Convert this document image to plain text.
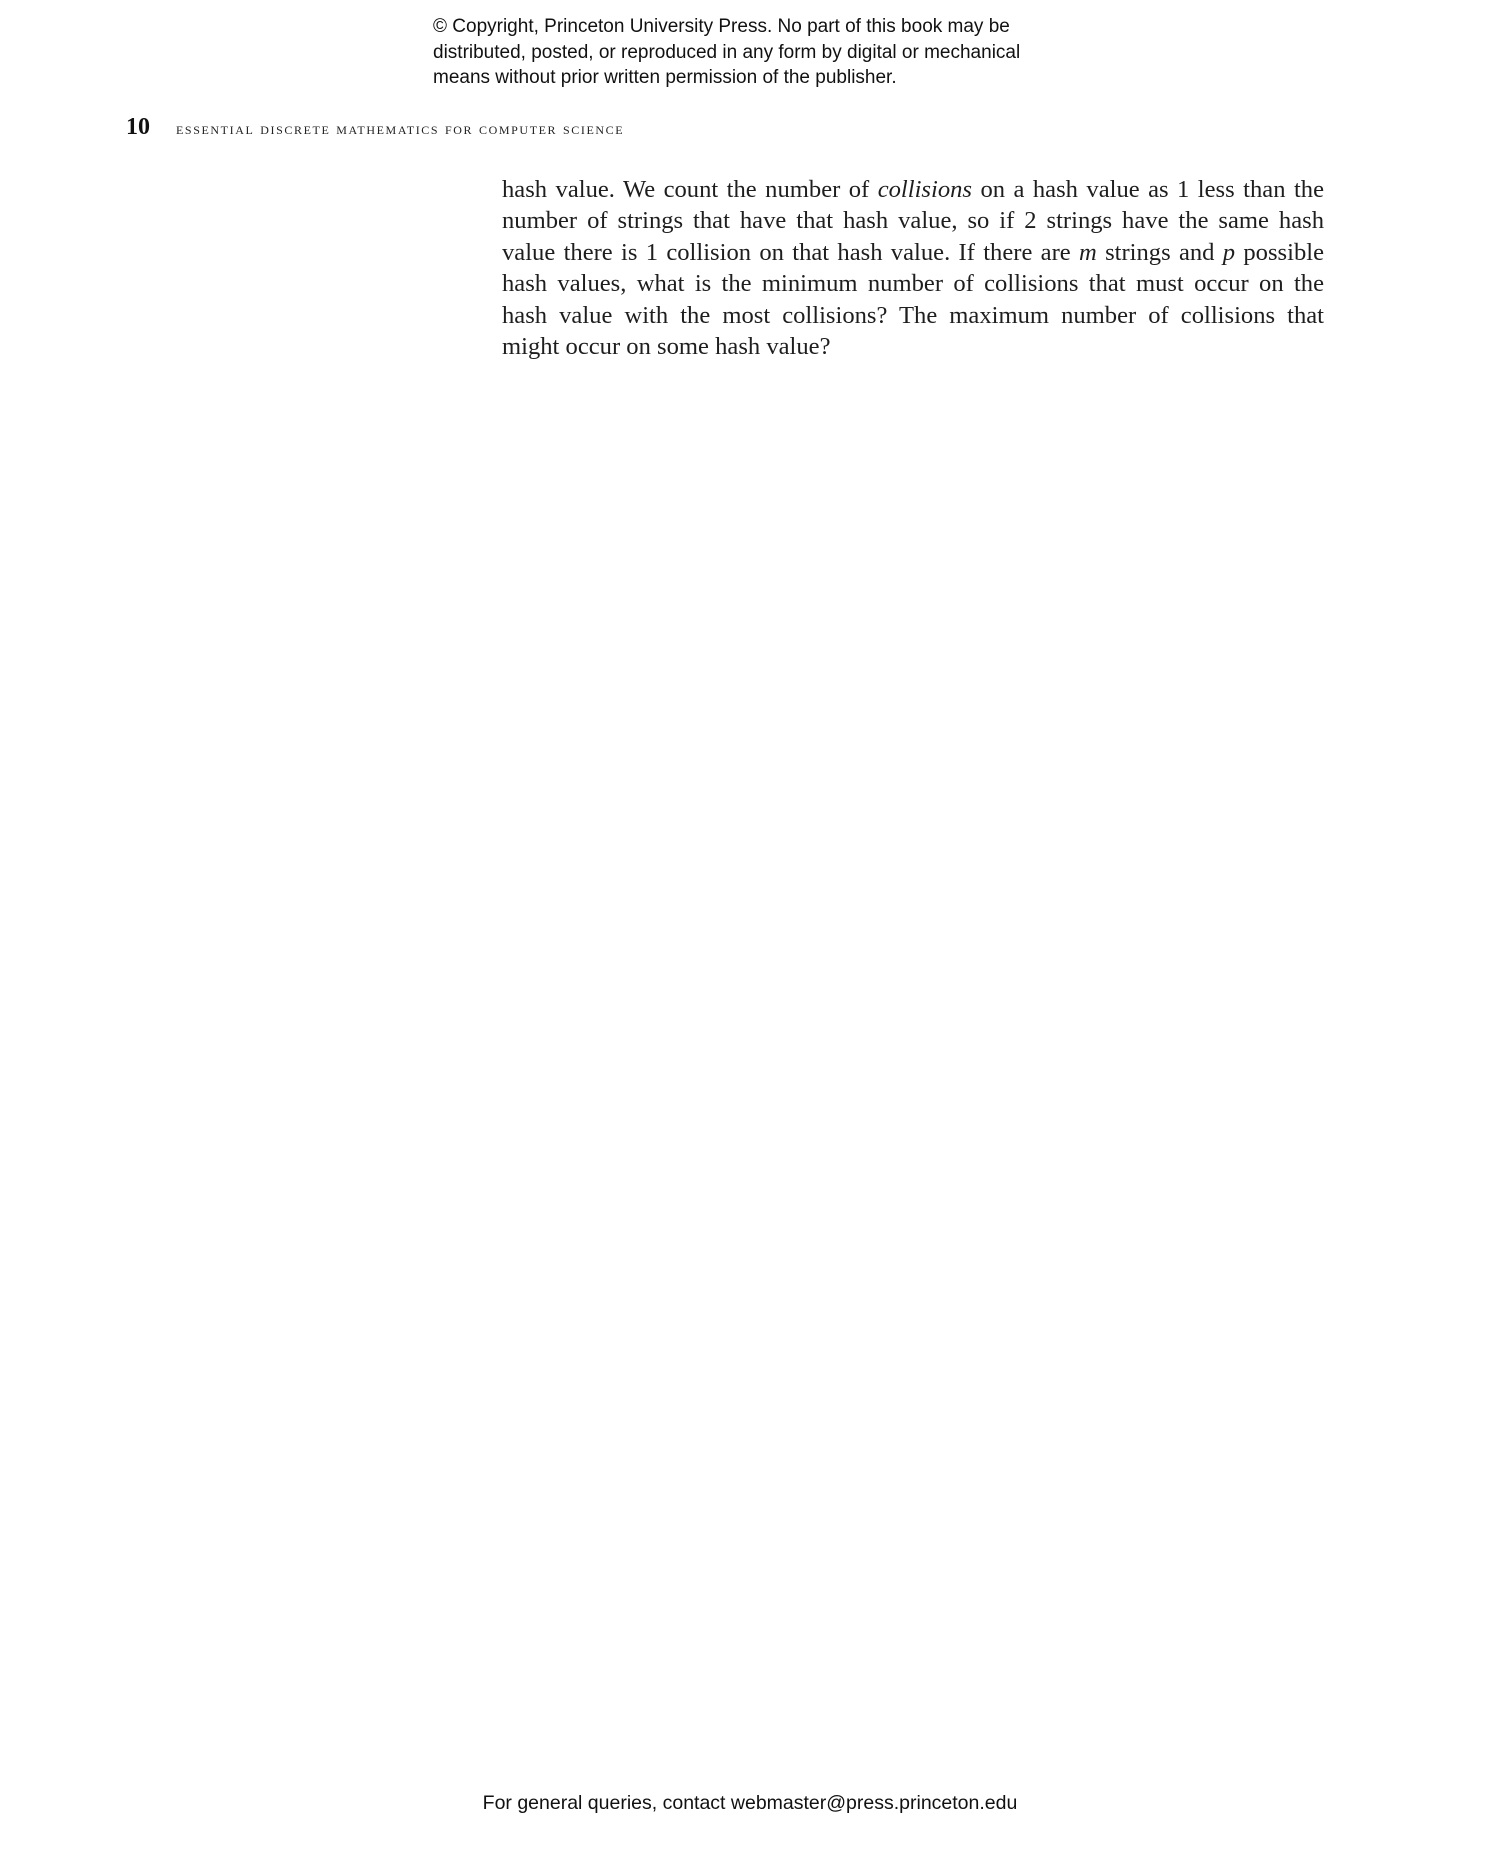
© Copyright, Princeton University Press. No part of this book may be
distributed, posted, or reproduced in any form by digital or mechanical
means without prior written permission of the publisher.
10 essential discrete mathematics for computer science
hash value. We count the number of collisions on a hash value as 1 less than the
number of strings that have that hash value, so if 2 strings have the same hash
value there is 1 collision on that hash value. If there are m strings and p possible
hash values, what is the minimum number of collisions that must occur on the
hash value with the most collisions? The maximum number of collisions that
might occur on some hash value?
For general queries, contact webmaster@press.princeton.edu
